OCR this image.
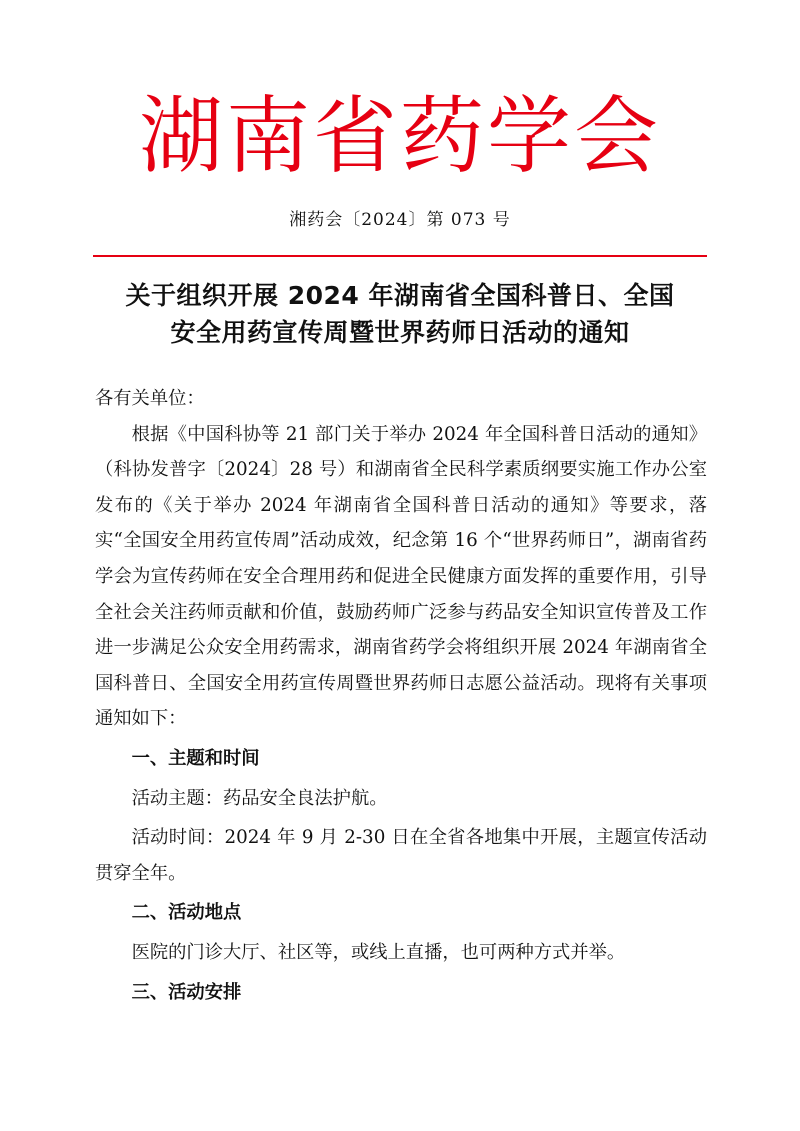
湖南省药学会
湘药会〔2024〕第 073 号
关于组织开展 2024 年湖南省全国科普日、全国
安全用药宣传周暨世界药师日活动的通知

各有关单位：

根据《中国科协等 21 部门关于举办 2024 年全国科普日活动的通知》（科协发普字〔2024〕28 号）和湖南省全民科学素质纲要实施工作办公室发布的《关于举办 2024 年湖南省全国科普日活动的通知》等要求，落实“全国安全用药宣传周”活动成效，纪念第 16 个“世界药师日”，湖南省药学会为宣传药师在安全合理用药和促进全民健康方面发挥的重要作用，引导全社会关注药师贡献和价值，鼓励药师广泛参与药品安全知识宣传普及工作进一步满足公众安全用药需求，湖南省药学会将组织开展 2024 年湖南省全国科普日、全国安全用药宣传周暨世界药师日志愿公益活动。现将有关事项通知如下：

一、主题和时间

活动主题：药品安全良法护航。

活动时间：2024 年 9 月 2-30 日在全省各地集中开展，主题宣传活动贯穿全年。

二、活动地点

医院的门诊大厅、社区等，或线上直播，也可两种方式并举。

三、活动安排
